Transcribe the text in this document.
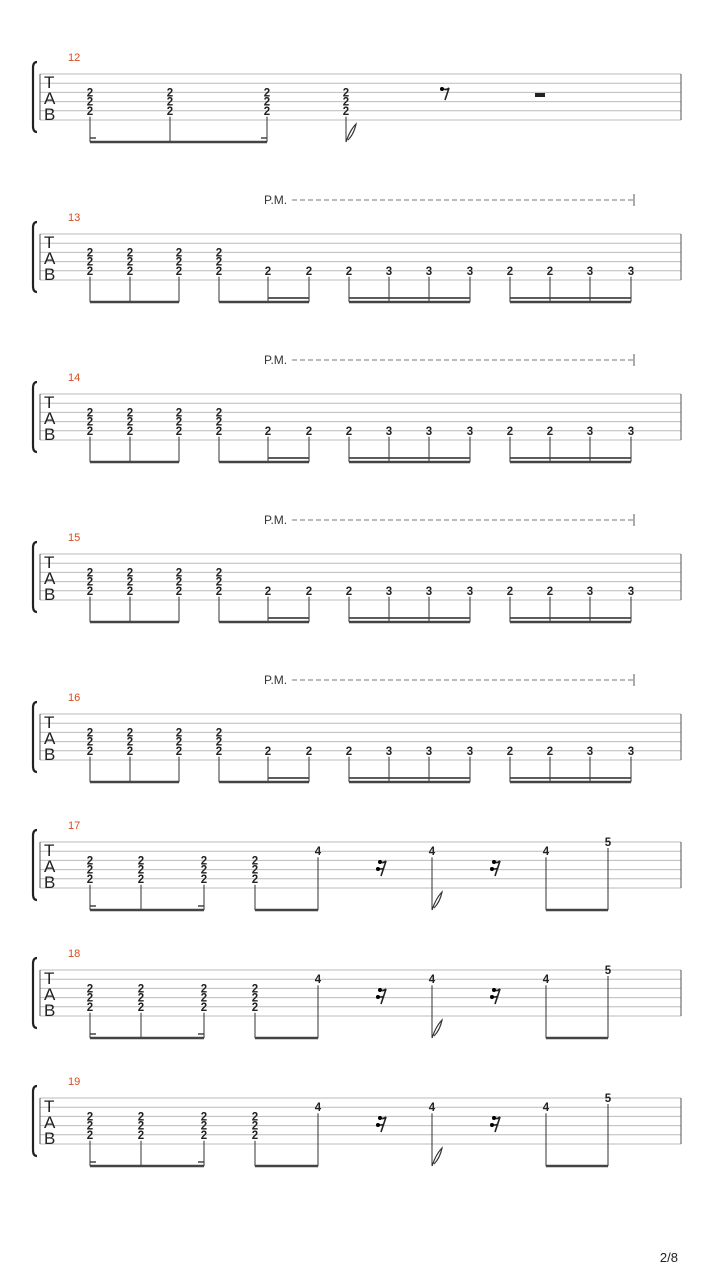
12
T
A
B
2
2
2
2
2
2
2
2
2
2
2
2
P.M.
13
T
A
B
2
2
2
2
2
2
2
2
2
2
2
2	2	2	2	3	3	3	2	2	3	3
P.M.
14
T
A
B
2
2
2
2
2
2
2
2
2
2
2
2	2	2	2	3	3	3	2	2	3	3
P.M.
15
T
A
B
2
2
2
2
2
2
2
2
2
2
2
2	2	2	2	3	3	3	2	2	3	3
P.M.
16
T
A
B
2
2
2
2
2
2
2
2
2
2
2
2	2	2	2	3	3	3	2	2	3	3
17
T
A
B
2
2
2
2
2
2
2
2
2
2
2
2
4	4	4
5
18
T
A
B
2
2
2
2
2
2
2
2
2
2
2
2
4	4	4
5
19
T
A
B
2
2
2
2
2
2
2
2
2
2
2
2
4	4	4
5
2/8
